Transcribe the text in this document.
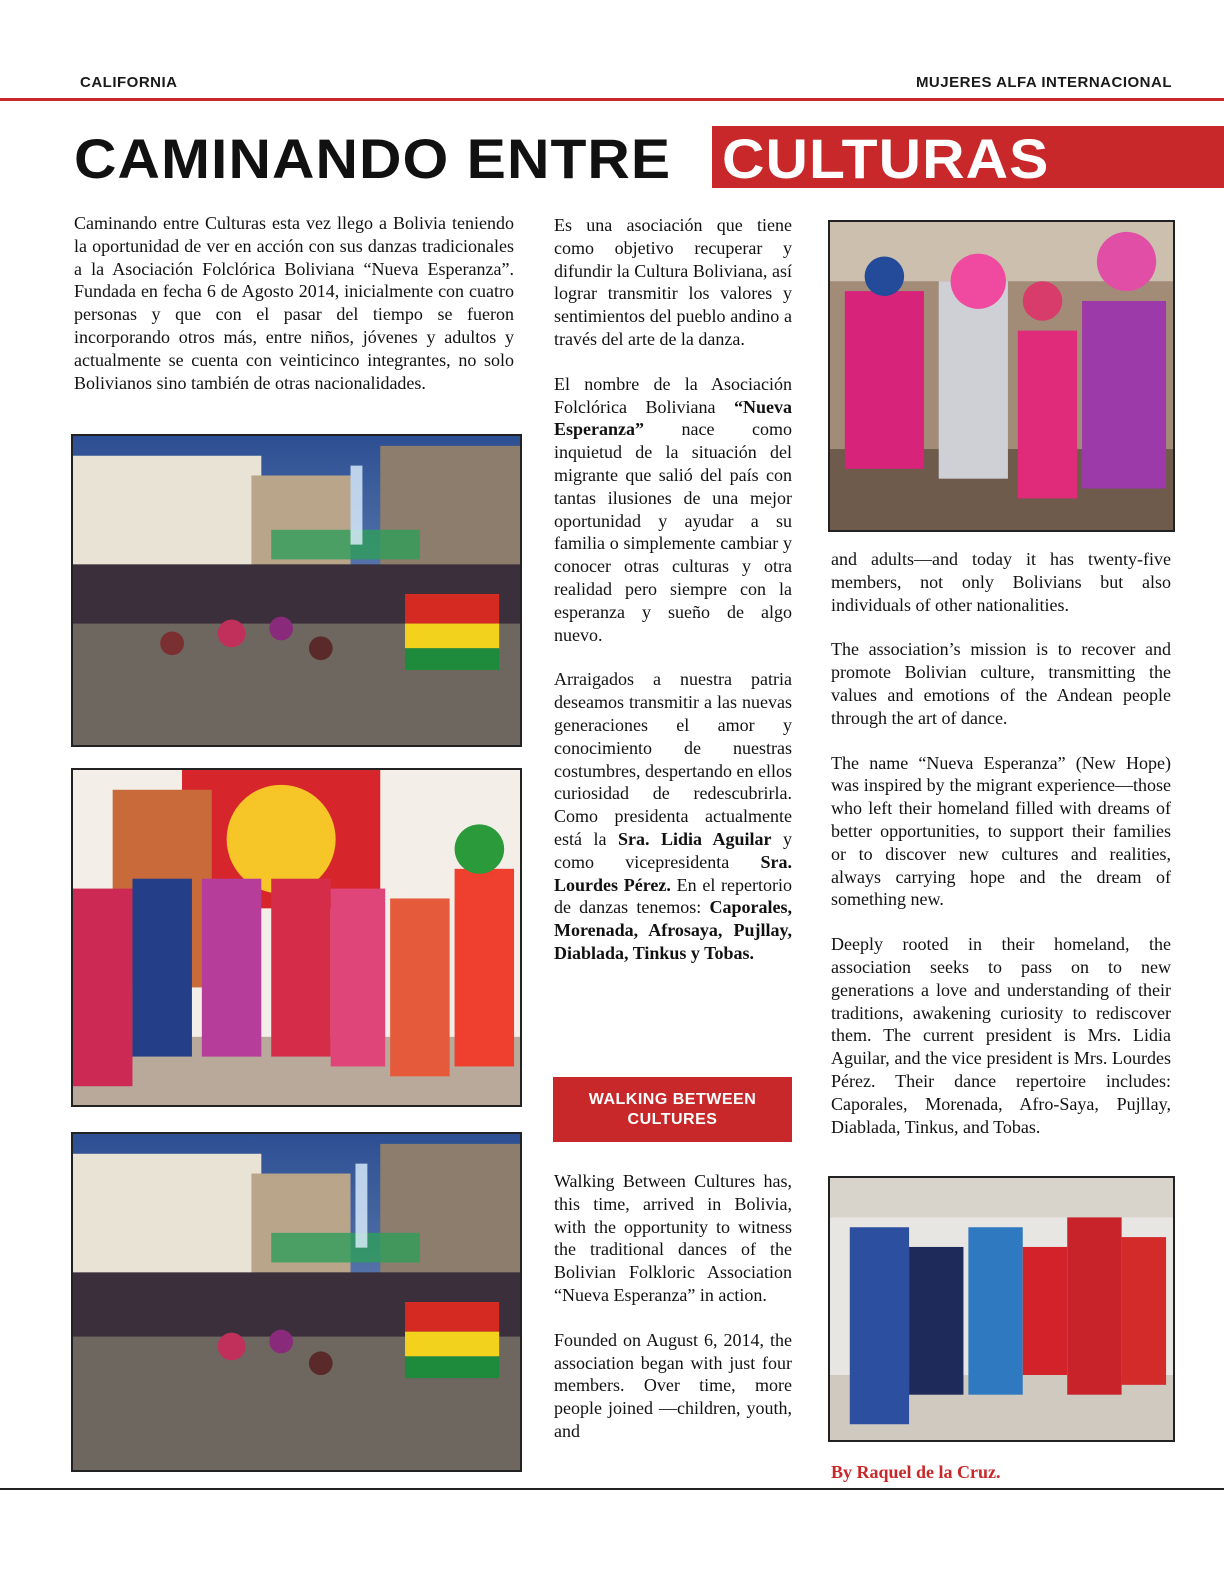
CALIFORNIA	MUJERES ALFA INTERNACIONAL
CAMINANDO ENTRE CULTURAS

Caminando entre Culturas esta vez llego a Bolivia teniendo la oportunidad de ver en acción con sus danzas tradicionales a la Asociación Folclórica Boliviana “Nueva Esperanza”. Fundada en fecha 6 de Agosto 2014, inicialmente con cuatro personas y que con el pasar del tiempo se fueron incorporando otros más, entre niños, jóvenes y adultos y actualmente se cuenta con veinticinco integrantes, no solo Bolivianos sino también de otras nacionalidades.

Es una asociación que tiene como objetivo recuperar y difundir la Cultura Boliviana, así lograr transmitir los valores y sentimientos del pueblo andino a través del arte de la danza.

El nombre de la Asociación Folclórica Boliviana “Nueva Esperanza” nace como inquietud de la situación del migrante que salió del país con tantas ilusiones de una mejor oportunidad y ayudar a su familia o simplemente cambiar y conocer otras culturas y otra realidad pero siempre con la esperanza y sueño de algo nuevo.

Arraigados a nuestra patria deseamos transmitir a las nuevas generaciones el amor y conocimiento de nuestras costumbres, despertando en ellos curiosidad de redescubrirla. Como presidenta actualmente está la Sra. Lidia Aguilar y como vicepresidenta Sra. Lourdes Pérez. En el repertorio de danzas tenemos: Caporales, Morenada, Afrosaya, Pujllay, Diablada, Tinkus y Tobas.

WALKING BETWEEN CULTURES

Walking Between Cultures has, this time, arrived in Bolivia, with the opportunity to witness the traditional dances of the Bolivian Folkloric Association “Nueva Esperanza” in action.

Founded on August 6, 2014, the association began with just four members. Over time, more people joined —children, youth, and

and adults—and today it has twenty-five members, not only Bolivians but also individuals of other nationalities.

The association’s mission is to recover and promote Bolivian culture, transmitting the values and emotions of the Andean people through the art of dance.

The name “Nueva Esperanza” (New Hope) was inspired by the migrant experience—those who left their homeland filled with dreams of better opportunities, to support their families or to discover new cultures and realities, always carrying hope and the dream of something new.

Deeply rooted in their homeland, the association seeks to pass on to new generations a love and understanding of their traditions, awakening curiosity to rediscover them. The current president is Mrs. Lidia Aguilar, and the vice president is Mrs. Lourdes Pérez. Their dance repertoire includes: Caporales, Morenada, Afro-Saya, Pujllay, Diablada, Tinkus, and Tobas.

By Raquel de la Cruz.
